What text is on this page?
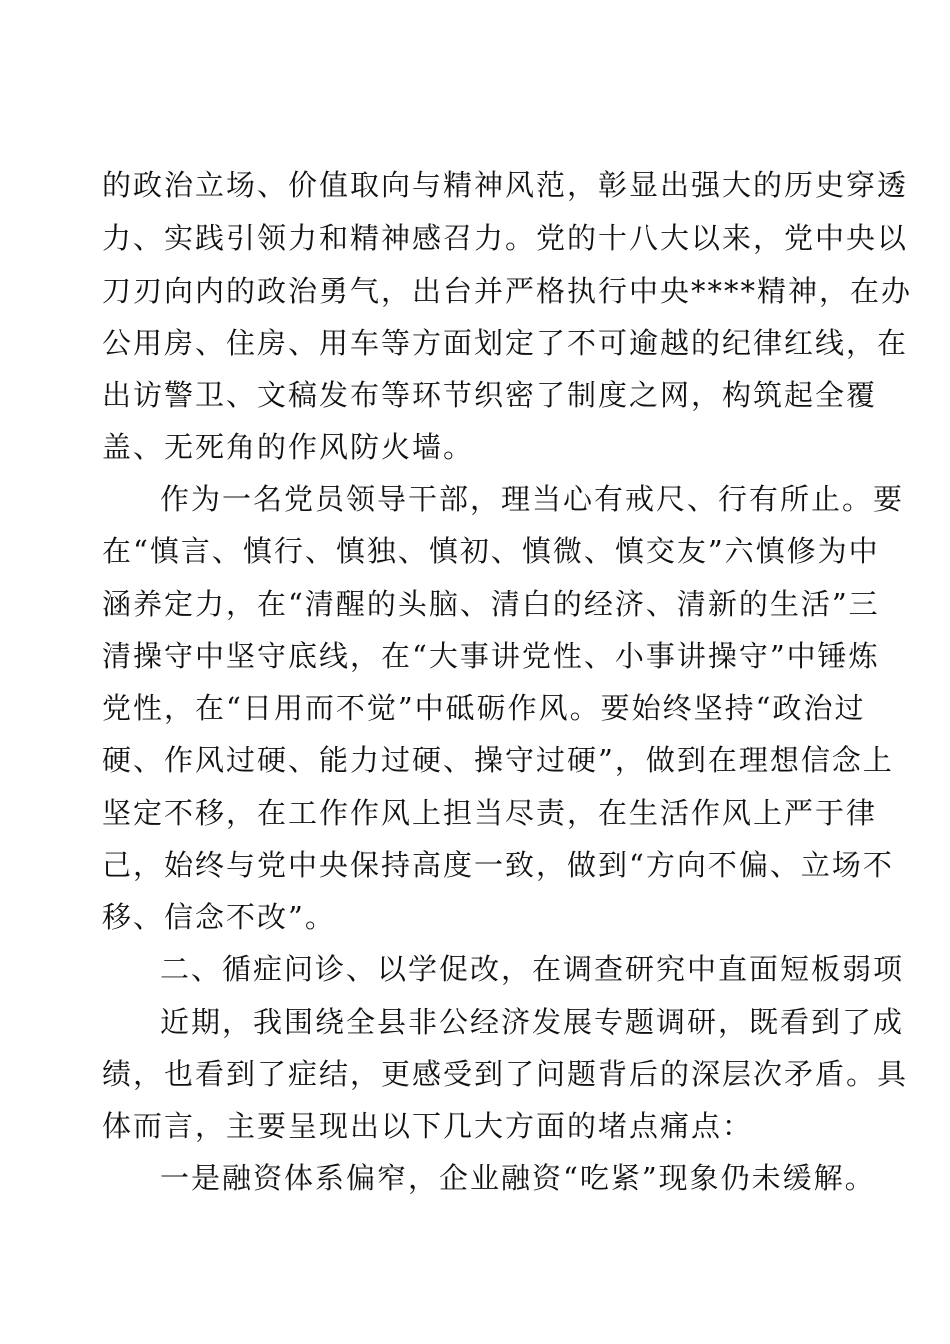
的政治立场、价值取向与精神风范，彰显出强大的历史穿透
力、实践引领力和精神感召力。党的十八大以来，党中央以
刀刃向内的政治勇气，出台并严格执行中央****精神，在办
公用房、住房、用车等方面划定了不可逾越的纪律红线，在
出访警卫、文稿发布等环节织密了制度之网，构筑起全覆
盖、无死角的作风防火墙。
作为一名党员领导干部，理当心有戒尺、行有所止。要
在“慎言、慎行、慎独、慎初、慎微、慎交友”六慎修为中
涵养定力，在“清醒的头脑、清白的经济、清新的生活”三
清操守中坚守底线，在“大事讲党性、小事讲操守”中锤炼
党性，在“日用而不觉”中砥砺作风。要始终坚持“政治过
硬、作风过硬、能力过硬、操守过硬”，做到在理想信念上
坚定不移，在工作作风上担当尽责，在生活作风上严于律
己，始终与党中央保持高度一致，做到“方向不偏、立场不
移、信念不改”。
二、循症问诊、以学促改，在调查研究中直面短板弱项
近期，我围绕全县非公经济发展专题调研，既看到了成
绩，也看到了症结，更感受到了问题背后的深层次矛盾。具
体而言，主要呈现出以下几大方面的堵点痛点：
一是融资体系偏窄，企业融资“吃紧”现象仍未缓解。
